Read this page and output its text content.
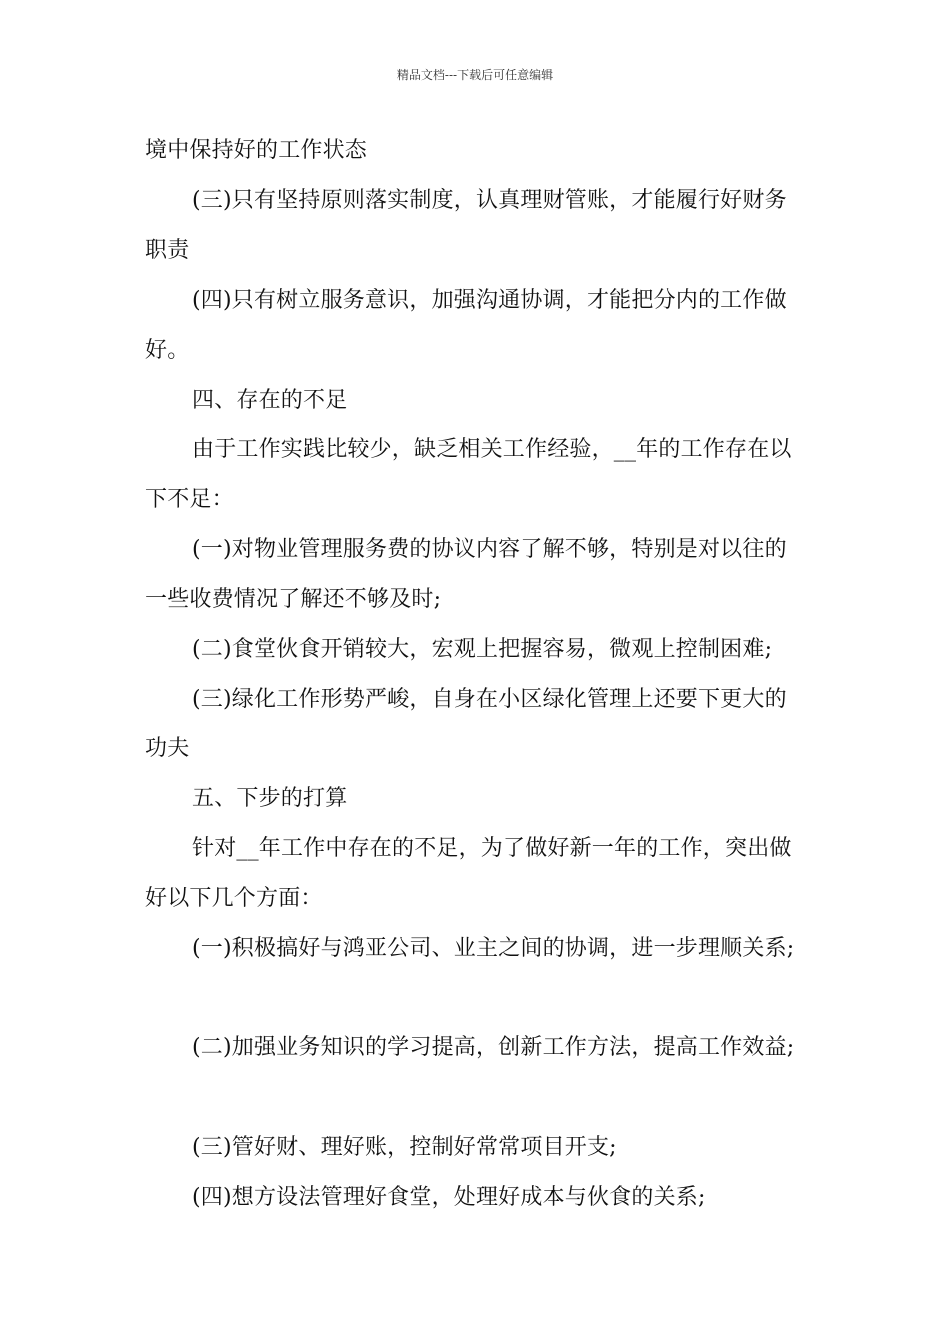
精品文档---下载后可任意编辑
境中保持好的工作状态
(三)只有坚持原则落实制度，认真理财管账，才能履行好财务
职责
(四)只有树立服务意识，加强沟通协调，才能把分内的工作做
好。
四、存在的不足
由于工作实践比较少，缺乏相关工作经验，__年的工作存在以
下不足：
(一)对物业管理服务费的协议内容了解不够，特别是对以往的
一些收费情况了解还不够及时;
(二)食堂伙食开销较大，宏观上把握容易，微观上控制困难;
(三)绿化工作形势严峻，自身在小区绿化管理上还要下更大的
功夫
五、下步的打算
针对__年工作中存在的不足，为了做好新一年的工作，突出做
好以下几个方面：
(一)积极搞好与鸿亚公司、业主之间的协调，进一步理顺关系;
(二)加强业务知识的学习提高，创新工作方法，提高工作效益;
(三)管好财、理好账，控制好常常项目开支;
(四)想方设法管理好食堂，处理好成本与伙食的关系;
